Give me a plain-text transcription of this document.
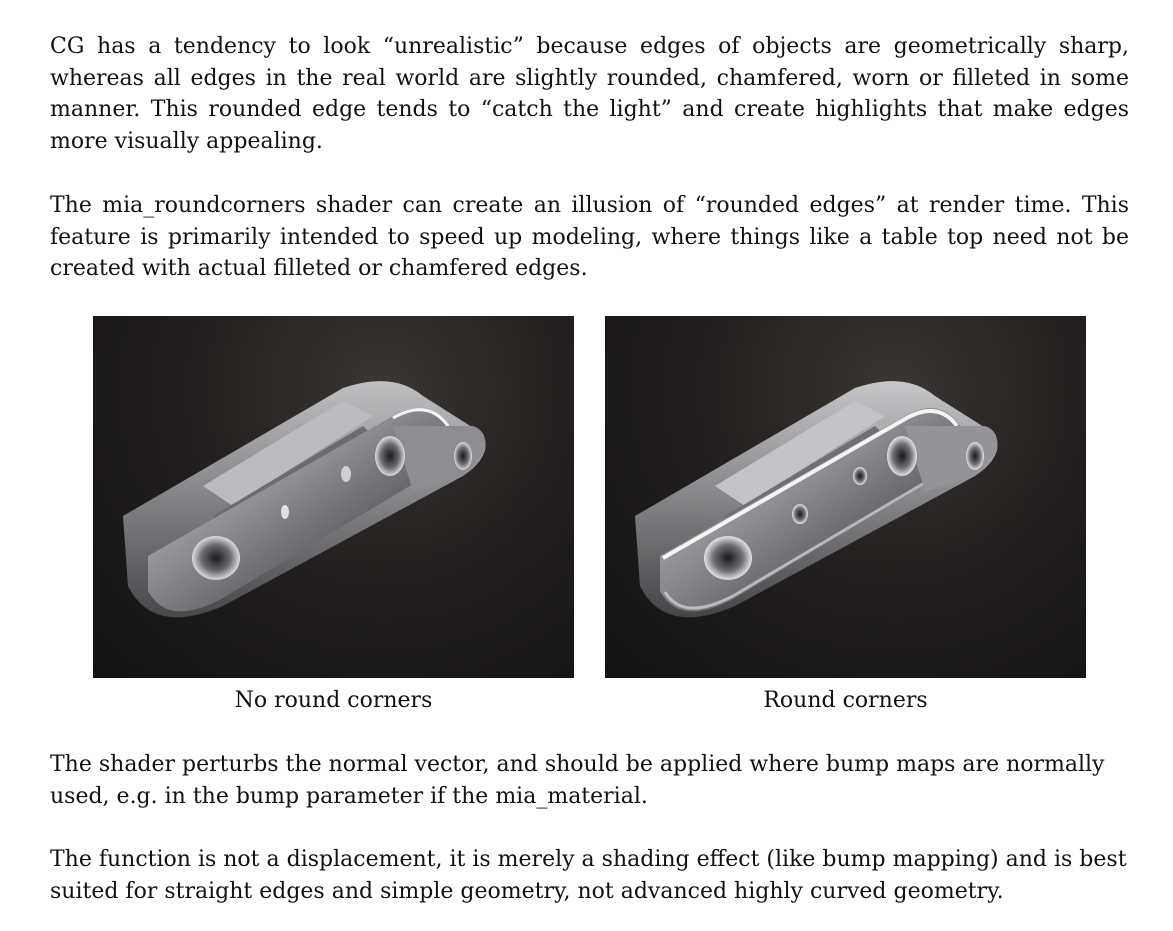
CG has a tendency to look “unrealistic” because edges of objects are geometrically sharp, whereas all edges in the real world are slightly rounded, chamfered, worn or filleted in some manner. This rounded edge tends to “catch the light” and create highlights that make edges more visually appealing.

The mia_roundcorners shader can create an illusion of “rounded edges” at render time. This feature is primarily intended to speed up modeling, where things like a table top need not be created with actual filleted or chamfered edges.

No round corners	Round corners

The shader perturbs the normal vector, and should be applied where bump maps are normally used, e.g. in the bump parameter if the mia_material.

The function is not a displacement, it is merely a shading effect (like bump mapping) and is best suited for straight edges and simple geometry, not advanced highly curved geometry.
